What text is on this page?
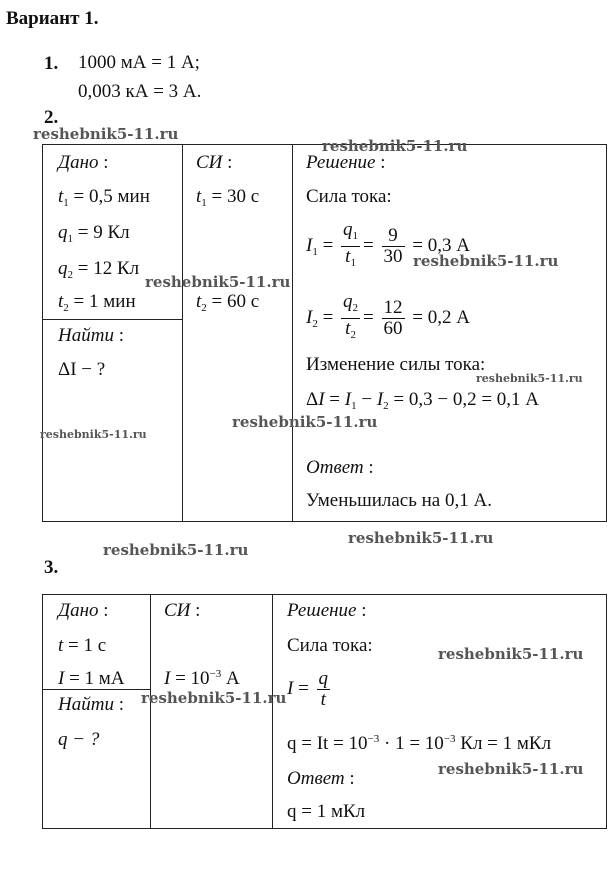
Вариант 1.
1. 1000 мА = 1 А;
0,003 кА = 3 А.
2.
Дано :
$t_1 = 0,5$ мин
$q_1 = 9$ Кл
$q_2 = 12$ Кл
$t_2 = 1$ мин
Найти :
ΔI − ?
СИ :
$t_1 = 30$ с
$t_2 = 60$ с
Решение :
Сила тока:
$I_1 = \frac{q_1}{t_1} = \frac{9}{30} = 0,3$ А
$I_2 = \frac{q_2}{t_2} = \frac{12}{60} = 0,2$ А
Изменение силы тока:
$\Delta I = I_1 - I_2 = 0,3 - 0,2 = 0,1$ А
Ответ :
Уменьшилась на 0,1 А.
3.
Дано :
t = 1 с
I = 1 мА
Найти :
q − ?
СИ :
$I = 10^{-3}$ А
Решение :
Сила тока:
$I = \frac{q}{t}$
$q = It = 10^{-3} \cdot 1 = 10^{-3}$ Кл = 1 мКл
Ответ :
q = 1 мКл
reshebnik5-11.ru
reshebnik5-11.ru
reshebnik5-11.ru
reshebnik5-11.ru
reshebnik5-11.ru
reshebnik5-11.ru
reshebnik5-11.ru
reshebnik5-11.ru
reshebnik5-11.ru
reshebnik5-11.ru
reshebnik5-11.ru
reshebnik5-11.ru
